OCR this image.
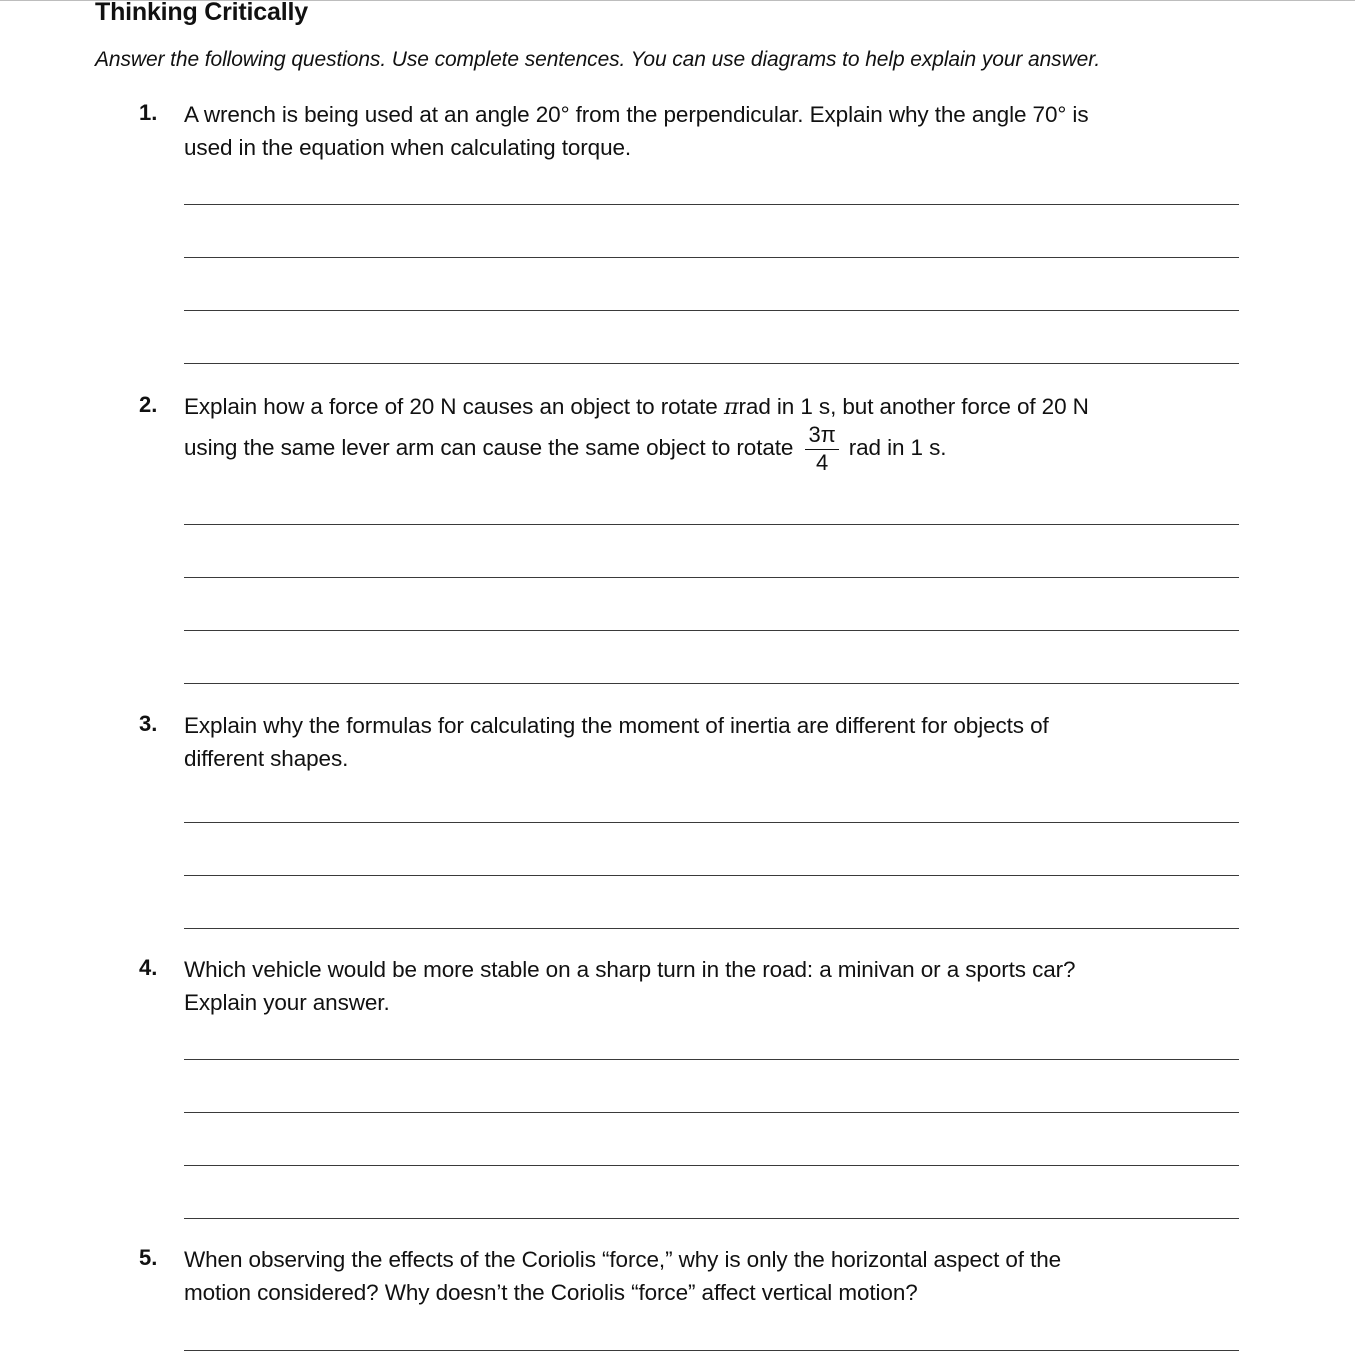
Thinking Critically

Answer the following questions. Use complete sentences. You can use diagrams to help explain your answer.

1. A wrench is being used at an angle 20° from the perpendicular. Explain why the angle 70° is
used in the equation when calculating torque.
2. Explain how a force of 20 N causes an object to rotate πrad in 1 s, but another force of 20 N
using the same lever arm can cause the same object to rotate $\frac{3\pi}{4}$ rad in 1 s.
3. Explain why the formulas for calculating the moment of inertia are different for objects of
different shapes.
4. Which vehicle would be more stable on a sharp turn in the road: a minivan or a sports car?
Explain your answer.
5. When observing the effects of the Coriolis “force,” why is only the horizontal aspect of the
motion considered? Why doesn’t the Coriolis “force” affect vertical motion?
